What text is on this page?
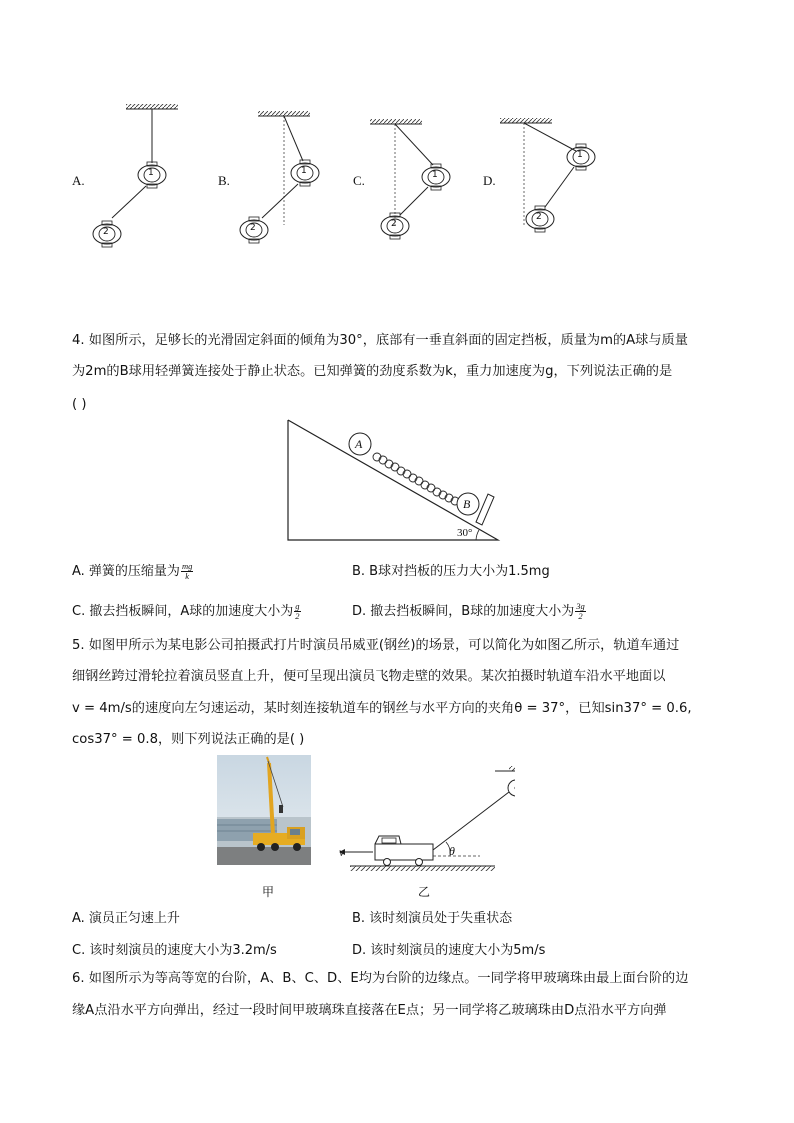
A.	B.	C.	D.
1
2
1
2
1
2
1
2
4. 如图所示，足够长的光滑固定斜面的倾角为30°，底部有一垂直斜面的固定挡板，质量为m的A球与质量
为2m的B球用轻弹簧连接处于静止状态。已知弹簧的劲度系数为k，重力加速度为g，下列说法正确的是
( )
A
B
30°
A. 弹簧的压缩量为 $\frac{mg}{k}$	B. B球对挡板的压力大小为1.5mg
C. 撤去挡板瞬间，A球的加速度大小为 $\frac{g}{2}$	D. 撤去挡板瞬间，B球的加速度大小为 $\frac{3g}{2}$
5. 如图甲所示为某电影公司拍摄武打片时演员吊威亚(钢丝)的场景，可以简化为如图乙所示，轨道车通过
细钢丝跨过滑轮拉着演员竖直上升，便可呈现出演员飞物走壁的效果。某次拍摄时轨道车沿水平地面以
v = 4m/s的速度向左匀速运动，某时刻连接轨道车的钢丝与水平方向的夹角θ = 37°，已知sin37° = 0.6,
cos37° = 0.8，则下列说法正确的是( )
甲
v	θ
乙
A. 演员正匀速上升	B. 该时刻演员处于失重状态
C. 该时刻演员的速度大小为3.2m/s	D. 该时刻演员的速度大小为5m/s
6. 如图所示为等高等宽的台阶，A、B、C、D、E均为台阶的边缘点。一同学将甲玻璃珠由最上面台阶的边
缘A点沿水平方向弹出，经过一段时间甲玻璃珠直接落在E点；另一同学将乙玻璃珠由D点沿水平方向弹
